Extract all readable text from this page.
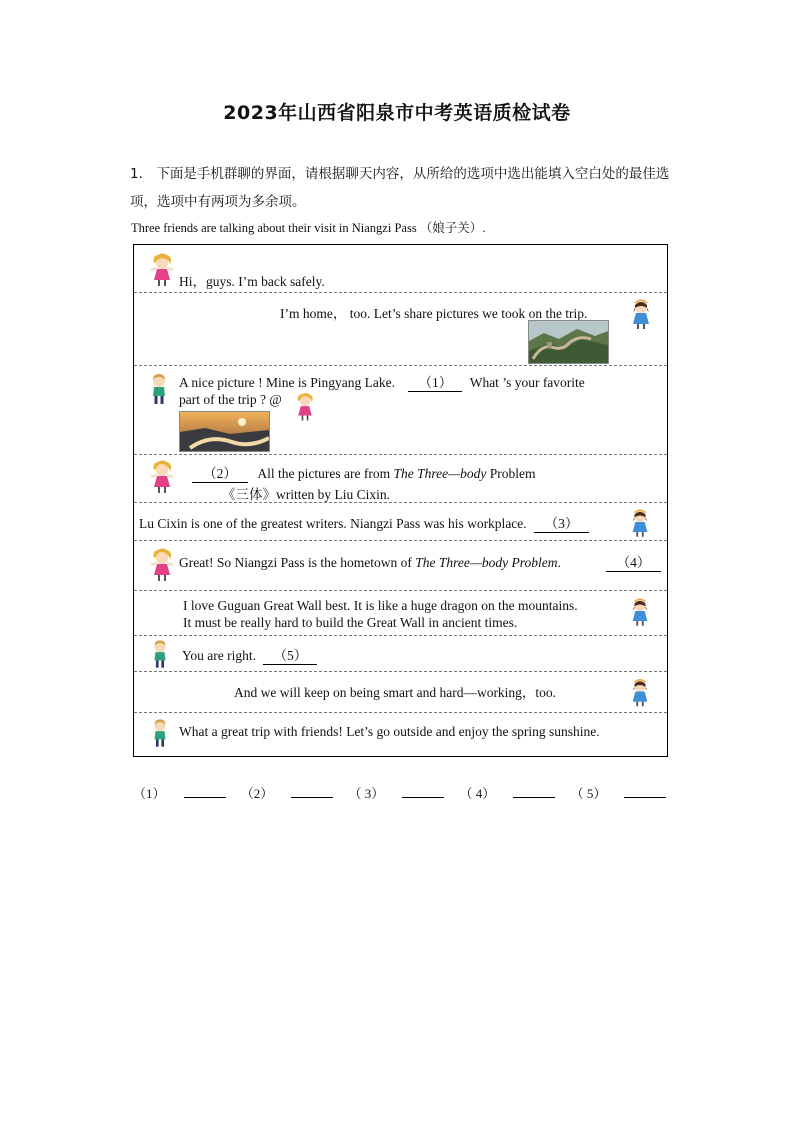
2023年山西省阳泉市中考英语质检试卷
1.　下面是手机群聊的界面，请根据聊天内容，从所给的选项中选出能填入空白处的最佳选
项，选项中有两项为多余项。
Three friends are talking about their visit in Niangzi Pass （娘子关）.
Hi，guys. I’m back safely.
I’m home， too. Let’s share pictures we took on the trip.
A nice picture ! Mine is Pingyang Lake. （1） What ’s your favorite
part of the trip ? @
（2） All the pictures are from The Three—body Problem
《三体》written by Liu Cixin.
Lu Cixin is one of the greatest writers. Niangzi Pass was his workplace. （3）
Great! So Niangzi Pass is the hometown of The Three—body Problem.	（4）
I love Guguan Great Wall best. It is like a huge dragon on the mountains.
It must be really hard to build the Great Wall in ancient times.
You are right. （5）
And we will keep on being smart and hard—working，too.
What a great trip with friends! Let’s go outside and enjoy the spring sunshine.
（1）	（2）	（ 3）	（ 4）	（ 5）
